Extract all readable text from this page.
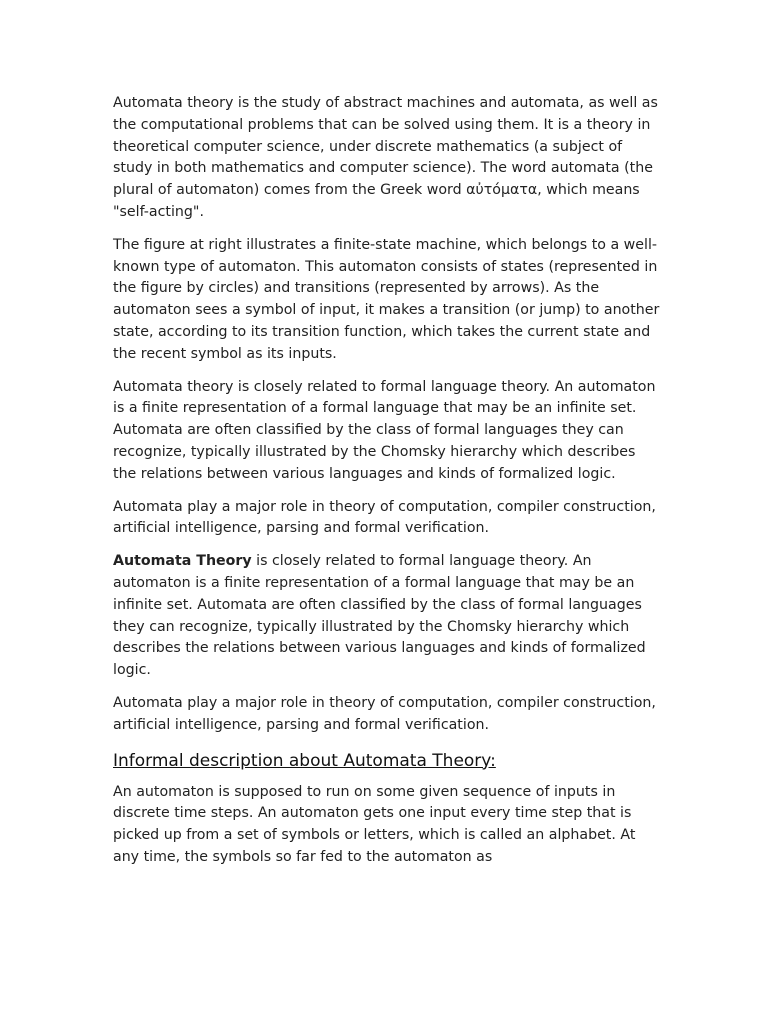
Automata theory is the study of abstract machines and automata, as well as the computational problems that can be solved using them. It is a theory in theoretical computer science, under discrete mathematics (a subject of study in both mathematics and computer science). The word automata (the plural of automaton) comes from the Greek word αὐτόματα, which means "self-acting".

The figure at right illustrates a finite-state machine, which belongs to a well-known type of automaton. This automaton consists of states (represented in the figure by circles) and transitions (represented by arrows). As the automaton sees a symbol of input, it makes a transition (or jump) to another state, according to its transition function, which takes the current state and the recent symbol as its inputs.

Automata theory is closely related to formal language theory. An automaton is a finite representation of a formal language that may be an infinite set. Automata are often classified by the class of formal languages they can recognize, typically illustrated by the Chomsky hierarchy which describes the relations between various languages and kinds of formalized logic.

Automata play a major role in theory of computation, compiler construction, artificial intelligence, parsing and formal verification.

Automata Theory is closely related to formal language theory. An automaton is a finite representation of a formal language that may be an infinite set. Automata are often classified by the class of formal languages they can recognize, typically illustrated by the Chomsky hierarchy which describes the relations between various languages and kinds of formalized logic.

Automata play a major role in theory of computation, compiler construction, artificial intelligence, parsing and formal verification.

Informal description about Automata Theory:

An automaton is supposed to run on some given sequence of inputs in discrete time steps. An automaton gets one input every time step that is picked up from a set of symbols or letters, which is called an alphabet. At any time, the symbols so far fed to the automaton as
